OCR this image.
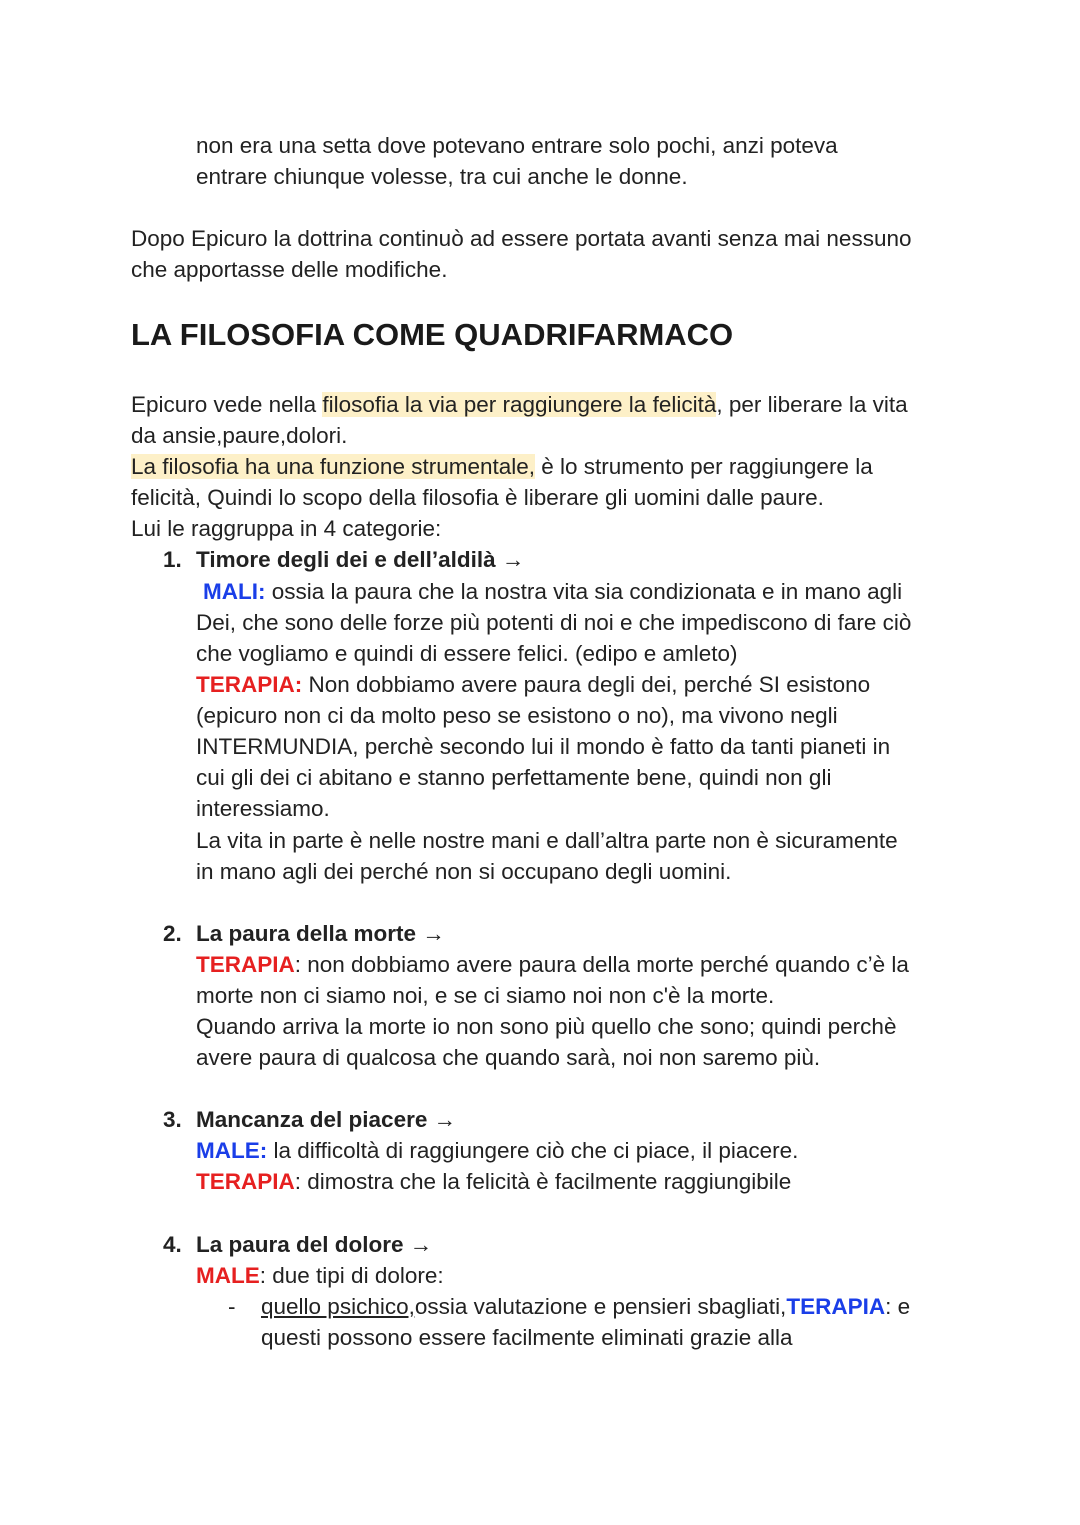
non era una setta dove potevano entrare solo pochi, anzi poteva
entrare chiunque volesse, tra cui anche le donne.
Dopo Epicuro la dottrina continuò ad essere portata avanti senza mai nessuno
che apportasse delle modifiche.
LA FILOSOFIA COME QUADRIFARMACO
Epicuro vede nella filosofia la via per raggiungere la felicità, per liberare la vita
da ansie,paure,dolori.
La filosofia ha una funzione strumentale, è lo strumento per raggiungere la
felicità, Quindi lo scopo della filosofia è liberare gli uomini dalle paure.
Lui le raggruppa in 4 categorie:
1. Timore degli dei e dell’aldilà →
MALI: ossia la paura che la nostra vita sia condizionata e in mano agli
Dei, che sono delle forze più potenti di noi e che impediscono di fare ciò
che vogliamo e quindi di essere felici. (edipo e amleto)
TERAPIA: Non dobbiamo avere paura degli dei, perché SI esistono
(epicuro non ci da molto peso se esistono o no), ma vivono negli
INTERMUNDIA, perchè secondo lui il mondo è fatto da tanti pianeti in
cui gli dei ci abitano e stanno perfettamente bene, quindi non gli
interessiamo.
La vita in parte è nelle nostre mani e dall’altra parte non è sicuramente
in mano agli dei perché non si occupano degli uomini.
2. La paura della morte →
TERAPIA: non dobbiamo avere paura della morte perché quando c’è la
morte non ci siamo noi, e se ci siamo noi non c'è la morte.
Quando arriva la morte io non sono più quello che sono; quindi perchè
avere paura di qualcosa che quando sarà, noi non saremo più.
3. Mancanza del piacere →
MALE: la difficoltà di raggiungere ciò che ci piace, il piacere.
TERAPIA: dimostra che la felicità è facilmente raggiungibile
4. La paura del dolore →
MALE: due tipi di dolore:
- quello psichico,ossia valutazione e pensieri sbagliati,TERAPIA: e
questi possono essere facilmente eliminati grazie alla
